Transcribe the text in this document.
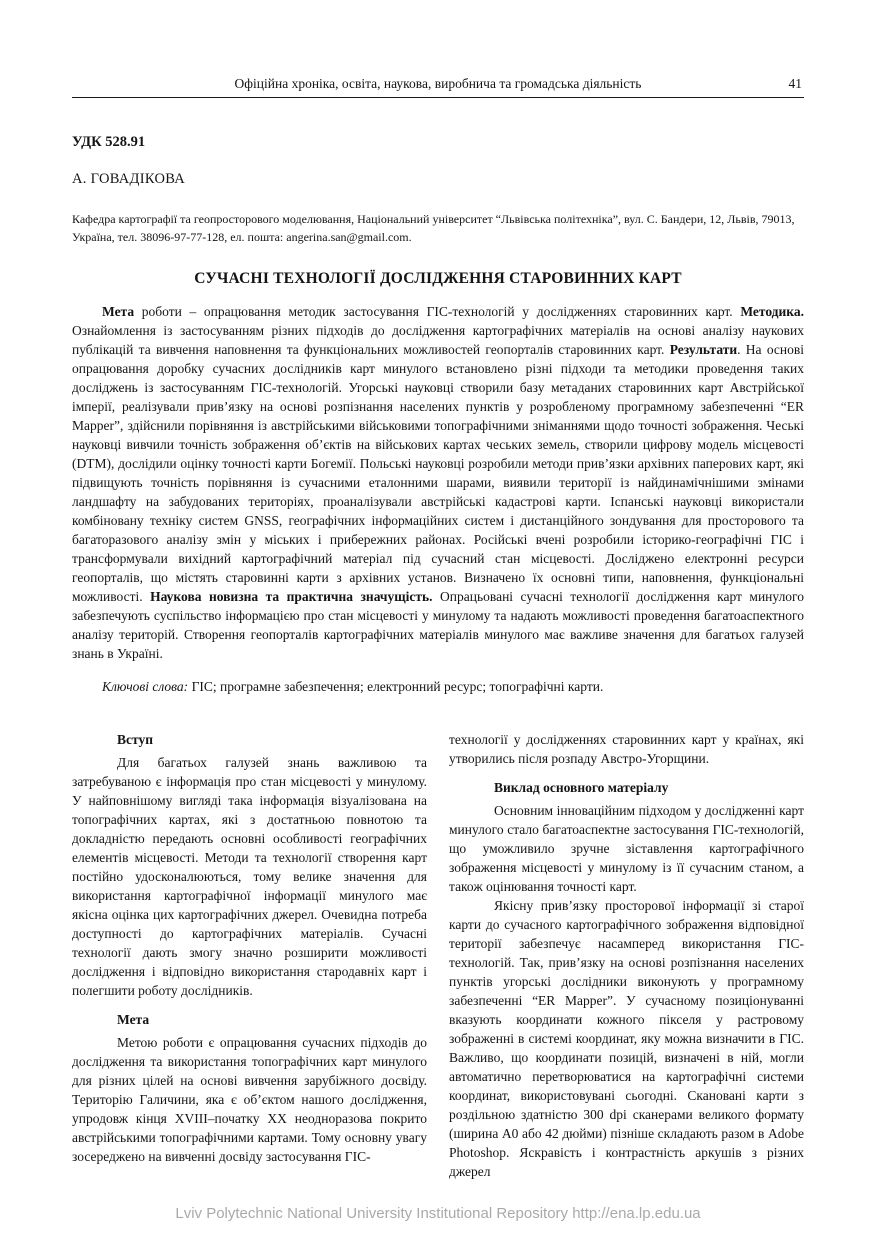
Офіційна хроніка, освіта, наукова, виробнича та громадська діяльність	41
УДК 528.91
А. ГОВАДІКОВА
Кафедра картографії та геопросторового моделювання, Національний університет “Львівська політехніка”, вул. С. Бандери, 12, Львів, 79013, Україна, тел. 38096-97-77-128, ел. пошта: angerina.san@gmail.com.
СУЧАСНІ ТЕХНОЛОГІЇ ДОСЛІДЖЕННЯ СТАРОВИННИХ КАРТ

Мета роботи – опрацювання методик застосування ГІС-технологій у дослідженнях старовинних карт. Методика. Ознайомлення із застосуванням різних підходів до дослідження картографічних матеріалів на основі аналізу наукових публікацій та вивчення наповнення та функціональних можливостей геопорталів старовинних карт. Результати. На основі опрацювання доробку сучасних дослідників карт минулого встановлено різні підходи та методики проведення таких досліджень із застосуванням ГІС-технологій. Угорські науковці створили базу метаданих старовинних карт Австрійської імперії, реалізували прив’язку на основі розпізнання населених пунктів у розробленому програмному забезпеченні “ER Mapper”, здійснили порівняння із австрійськими військовими топографічними зніманнями щодо точності зображення. Чеські науковці вивчили точність зображення об’єктів на військових картах чеських земель, створили цифрову модель місцевості (DTM), дослідили оцінку точності карти Богемії. Польські науковці розробили методи прив’язки архівних паперових карт, які підвищують точність порівняння із сучасними еталонними шарами, виявили території із найдинамічнішими змінами ландшафту на забудованих територіях, проаналізували австрійські кадастрові карти. Іспанські науковці використали комбіновану техніку систем GNSS, географічних інформаційних систем і дистанційного зондування для просторового та багаторазового аналізу змін у міських і прибережних районах. Російські вчені розробили історико-географічні ГІС і трансформували вихідний картографічний матеріал під сучасний стан місцевості. Досліджено електронні ресурси геопорталів, що містять старовинні карти з архівних установ. Визначено їх основні типи, наповнення, функціональні можливості. Наукова новизна та практична значущість. Опрацьовані сучасні технології дослідження карт минулого забезпечують суспільство інформацією про стан місцевості у минулому та надають можливості проведення багатоаспектного аналізу територій. Створення геопорталів картографічних матеріалів минулого має важливе значення для багатьох галузей знань в Україні.

Ключові слова: ГІС; програмне забезпечення; електронний ресурс; топографічні карти.

Вступ

Для багатьох галузей знань важливою та затребуваною є інформація про стан місцевості у минулому. У найповнішому вигляді така інформація візуалізована на топографічних картах, які з достатньою повнотою та докладністю передають основні особливості географічних елементів місцевості. Методи та технології створення карт постійно удосконалюються, тому велике значення для використання картографічної інформації минулого має якісна оцінка цих картографічних джерел. Очевидна потреба доступності до картографічних матеріалів. Сучасні технології дають змогу значно розширити можливості дослідження і відповідно використання стародавніх карт і полегшити роботу дослідників.

Мета

Метою роботи є опрацювання сучасних підходів до дослідження та використання топографічних карт минулого для різних цілей на основі вивчення зарубіжного досвіду. Територію Галичини, яка є об’єктом нашого дослідження, упродовж кінця XVIII–початку XX неодноразова покрито австрійськими топографічними картами. Тому основну увагу зосереджено на вивченні досвіду застосування ГІС-

технології у дослідженнях старовинних карт у країнах, які утворились після розпаду Австро-Угорщини.

Виклад основного матеріалу

Основним інноваційним підходом у дослідженні карт минулого стало багатоаспектне застосування ГІС-технологій, що уможливило зручне зіставлення картографічного зображення місцевості у минулому із її сучасним станом, а також оцінювання точності карт.

Якісну прив’язку просторової інформації зі старої карти до сучасного картографічного зображення відповідної території забезпечує насамперед використання ГІС-технологій. Так, прив’язку на основі розпізнання населених пунктів угорські дослідники виконують у програмному забезпеченні “ER Mapper”. У сучасному позиціонуванні вказують координати кожного пікселя у растровому зображенні в системі координат, яку можна визначити в ГІС. Важливо, що координати позицій, визначені в ній, могли автоматично перетворюватися на картографічні системи координат, використовувані сьогодні. Скановані карти з роздільною здатністю 300 dpi сканерами великого формату (ширина А0 або 42 дюйми) пізніше складають разом в Adobe Photoshop. Яскравість і контрастність аркушів з різних джерел

Lviv Polytechnic National University Institutional Repository http://ena.lp.edu.ua
